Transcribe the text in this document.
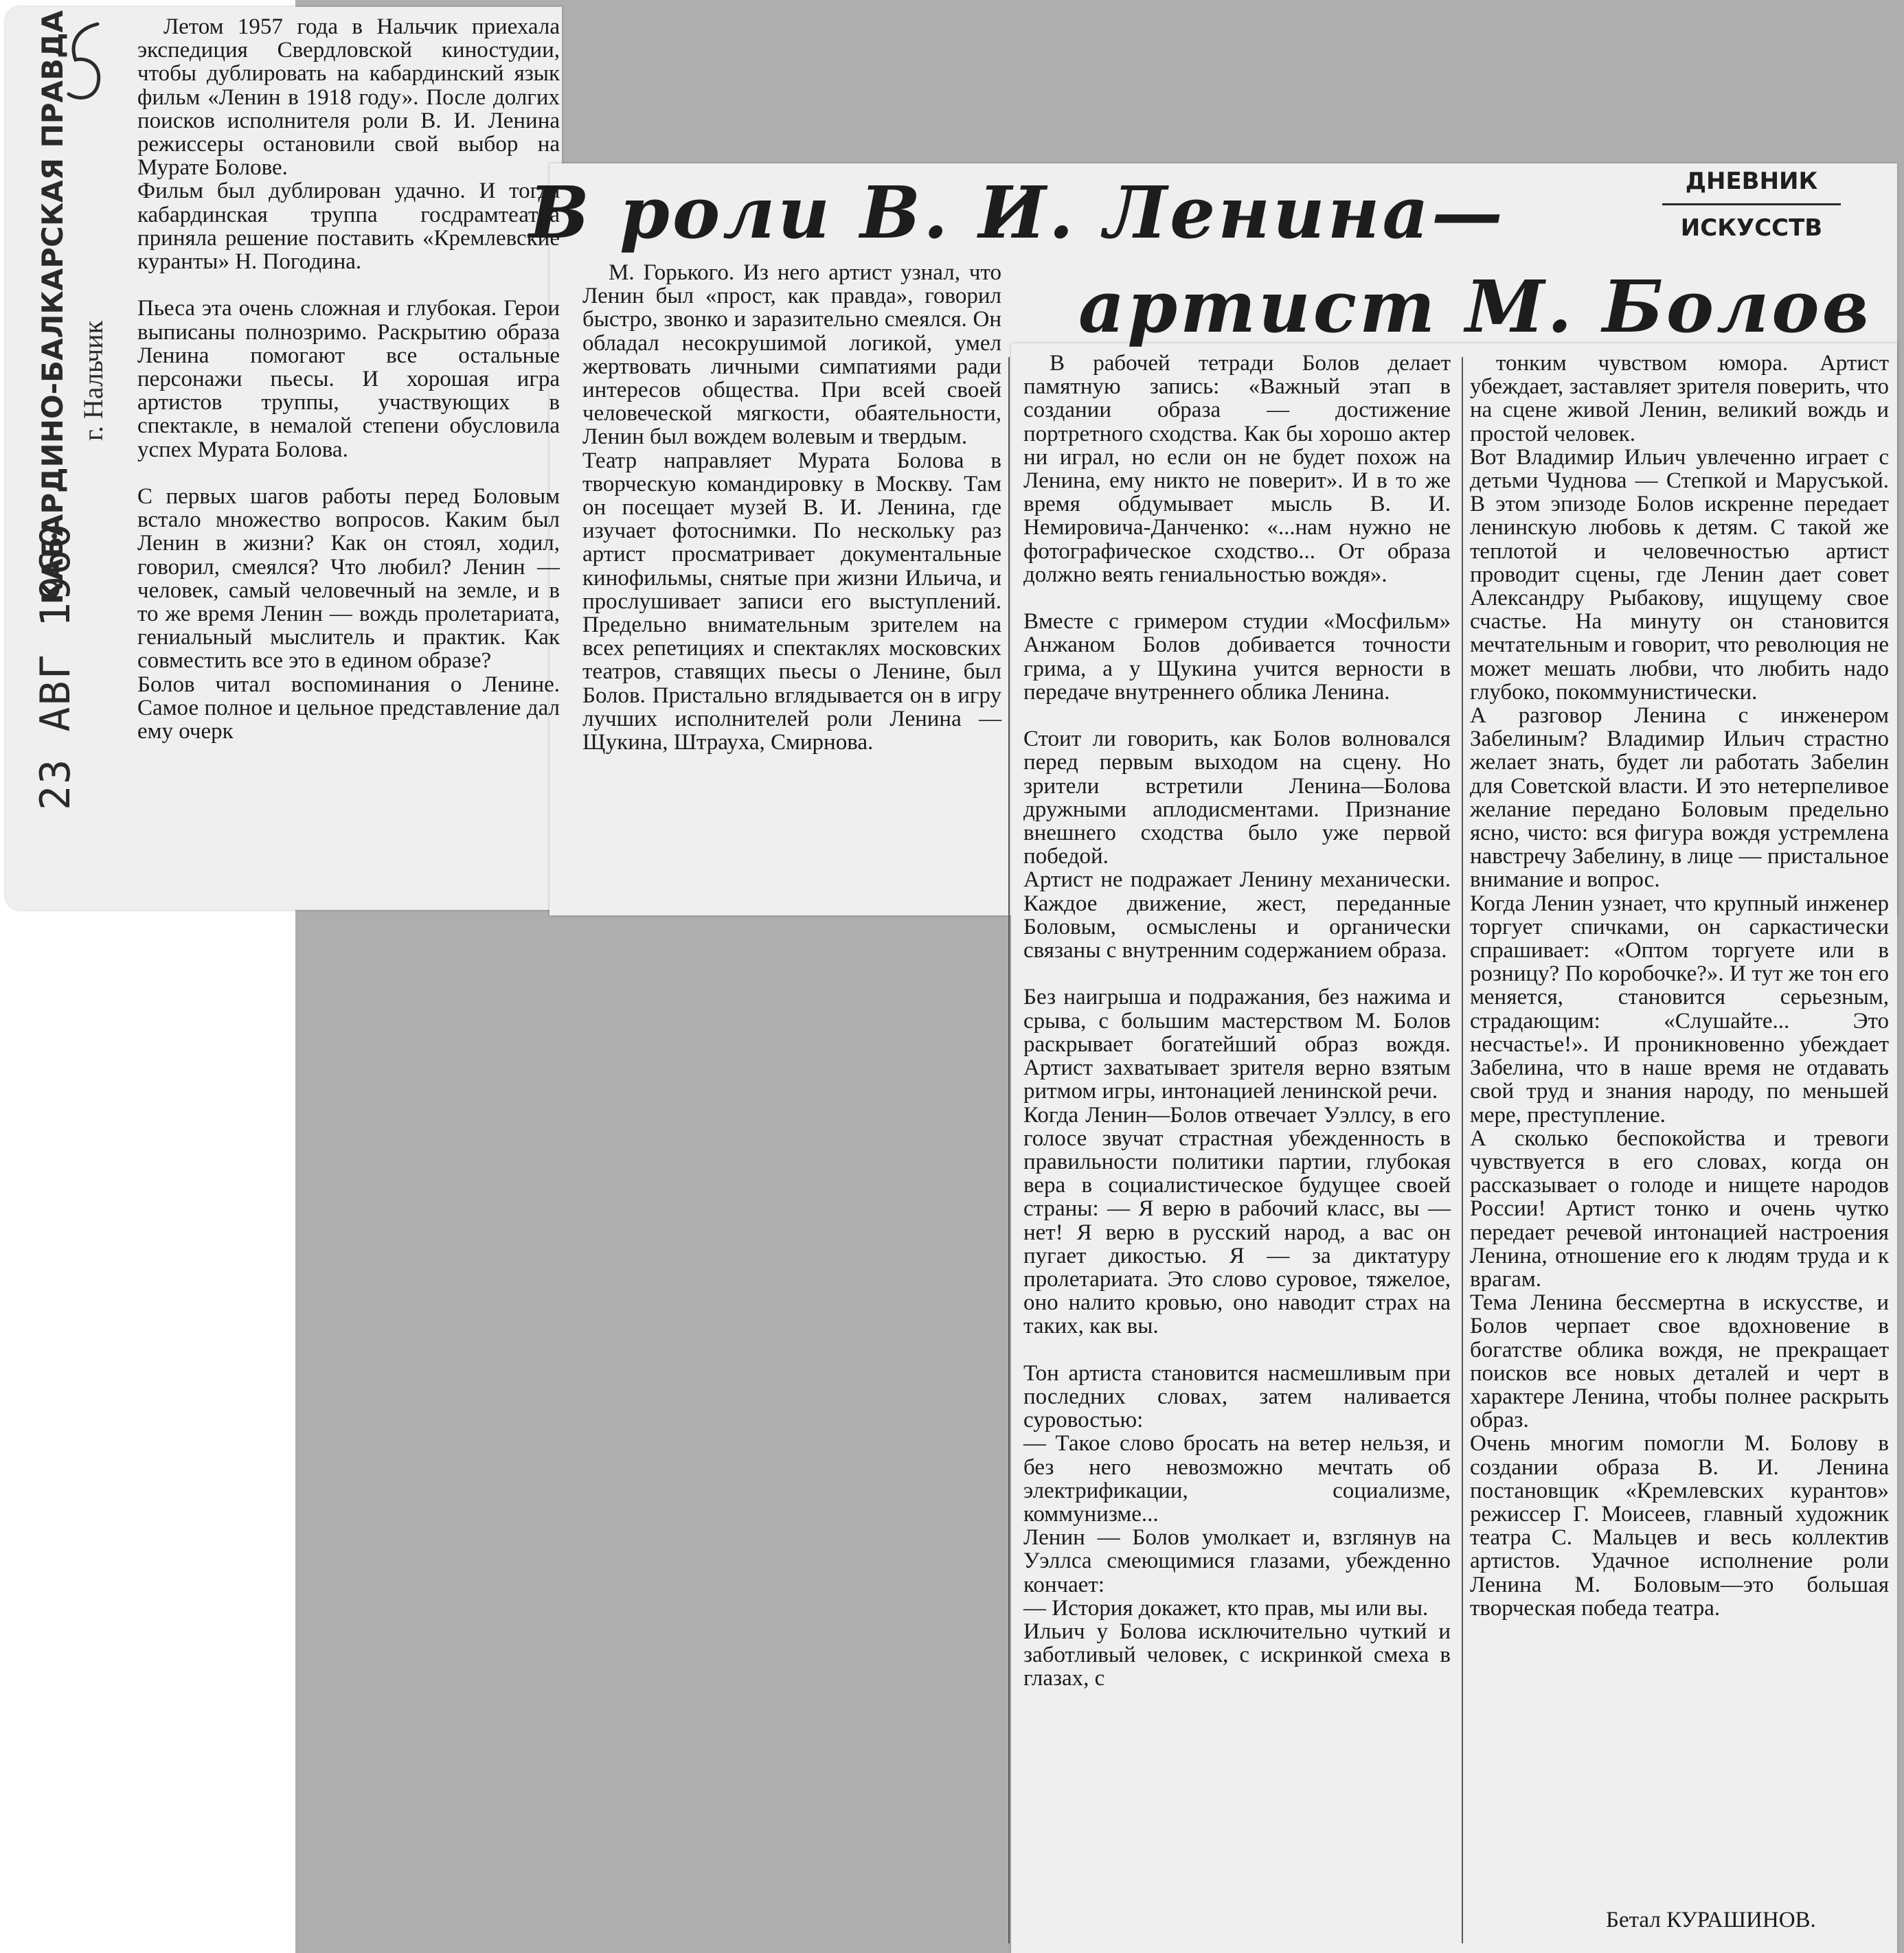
КАБАРДИНО-БАЛКАРСКАЯ ПРАВДА г. Нальчик
23 АВГ 1960
В роли В. И. Ленина—
артист М. Болов
ДНЕВНИК
ИСКУССТВ
Летом 1957 года в Нальчик приехала экспедиция Свердловской киностудии, чтобы дублировать на кабардинский язык фильм «Ленин в 1918 году». После долгих поисков исполнителя роли В. И. Ленина режиссеры остановили свой выбор на Мурате Болове.
Фильм был дублирован удачно. И тогда кабардинская труппа госдрамтеатра приняла решение поставить «Кремлевские куранты» Н. Погодина.

Пьеса эта очень сложная и глубокая. Герои выписаны полнозримо. Раскрытию образа Ленина помогают все остальные персонажи пьесы. И хорошая игра артистов труппы, участвующих в спектакле, в немалой степени обусловила успех Мурата Болова.

С первых шагов работы перед Боловым встало множество вопросов. Каким был Ленин в жизни? Как он стоял, ходил, говорил, смеялся? Что любил? Ленин — человек, самый человечный на земле, и в то же время Ленин — вождь пролетариата, гениальный мыслитель и практик. Как совместить все это в едином образе?
Болов читал воспоминания о Ленине. Самое полное и цельное представление дал ему очерк
М. Горького. Из него артист узнал, что Ленин был «прост, как правда», говорил быстро, звонко и заразительно смеялся. Он обладал несокрушимой логикой, умел жертвовать личными симпатиями ради интересов общества. При всей своей человеческой мягкости, обаятельности, Ленин был вождем волевым и твердым.
Театр направляет Мурата Болова в творческую командировку в Москву. Там он посещает музей В. И. Ленина, где изучает фотоснимки. По нескольку раз артист просматривает документальные кинофильмы, снятые при жизни Ильича, и прослушивает записи его выступлений. Предельно внимательным зрителем на всех репетициях и спектаклях московских театров, ставящих пьесы о Ленине, был Болов. Пристально вглядывается он в игру лучших исполнителей роли Ленина — Щукина, Штрауха, Смирнова.
В рабочей тетради Болов делает памятную запись: «Важный этап в создании образа — достижение портретного сходства. Как бы хорошо актер ни играл, но если он не будет похож на Ленина, ему никто не поверит». И в то же время обдумывает мысль В. И. Немировича-Данченко: «...нам нужно не фотографическое сходство... От образа должно веять гениальностью вождя».

Вместе с гримером студии «Мосфильм» Анжаном Болов добивается точности грима, а у Щукина учится верности в передаче внутреннего облика Ленина.

Стоит ли говорить, как Болов волновался перед первым выходом на сцену. Но зрители встретили Ленина—Болова дружными аплодисментами. Признание внешнего сходства было уже первой победой.
Артист не подражает Ленину механически. Каждое движение, жест, переданные Боловым, осмыслены и органически связаны с внутренним содержанием образа.

Без наигрыша и подражания, без нажима и срыва, с большим мастерством М. Болов раскрывает богатейший образ вождя. Артист захватывает зрителя верно взятым ритмом игры, интонацией ленинской речи.
Когда Ленин—Болов отвечает Уэллсу, в его голосе звучат страстная убежденность в правильности политики партии, глубокая вера в социалистическое будущее своей страны: — Я верю в рабочий класс, вы — нет! Я верю в русский народ, а вас он пугает дикостью. Я — за диктатуру пролетариата. Это слово суровое, тяжелое, оно налито кровью, оно наводит страх на таких, как вы.

Тон артиста становится насмешливым при последних словах, затем наливается суровостью:
— Такое слово бросать на ветер нельзя, и без него невозможно мечтать об электрификации, социализме, коммунизме...
Ленин — Болов умолкает и, взглянув на Уэллса смеющимися глазами, убежденно кончает:
— История докажет, кто прав, мы или вы.
Ильич у Болова исключительно чуткий и заботливый человек, с искринкой смеха в глазах, с
тонким чувством юмора. Артист убеждает, заставляет зрителя поверить, что на сцене живой Ленин, великий вождь и простой человек.
Вот Владимир Ильич увлеченно играет с детьми Чуднова — Степкой и Марусъкой. В этом эпизоде Болов искренне передает ленинскую любовь к детям. С такой же теплотой и человечностью артист проводит сцены, где Ленин дает совет Александру Рыбакову, ищущему свое счастье. На минуту он становится мечтательным и говорит, что революция не может мешать любви, что любить надо глубоко, покоммунистически.
А разговор Ленина с инженером Забелиным? Владимир Ильич страстно желает знать, будет ли работать Забелин для Советской власти. И это нетерпеливое желание передано Боловым предельно ясно, чисто: вся фигура вождя устремлена навстречу Забелину, в лице — пристальное внимание и вопрос.
Когда Ленин узнает, что крупный инженер торгует спичками, он саркастически спрашивает: «Оптом торгуете или в розницу? По коробочке?». И тут же тон его меняется, становится серьезным, страдающим: «Слушайте... Это несчастье!». И проникновенно убеждает Забелина, что в наше время не отдавать свой труд и знания народу, по меньшей мере, преступление.
А сколько беспокойства и тревоги чувствуется в его словах, когда он рассказывает о голоде и нищете народов России! Артист тонко и очень чутко передает речевой интонацией настроения Ленина, отношение его к людям труда и к врагам.
Тема Ленина бессмертна в искусстве, и Болов черпает свое вдохновение в богатстве облика вождя, не прекращает поисков все новых деталей и черт в характере Ленина, чтобы полнее раскрыть образ.
Очень многим помогли М. Болову в создании образа В. И. Ленина постановщик «Кремлевских курантов» режиссер Г. Моисеев, главный художник театра С. Мальцев и весь коллектив артистов. Удачное исполнение роли Ленина М. Боловым—это большая творческая победа театра.
Бетал КУРАШИНОВ.
